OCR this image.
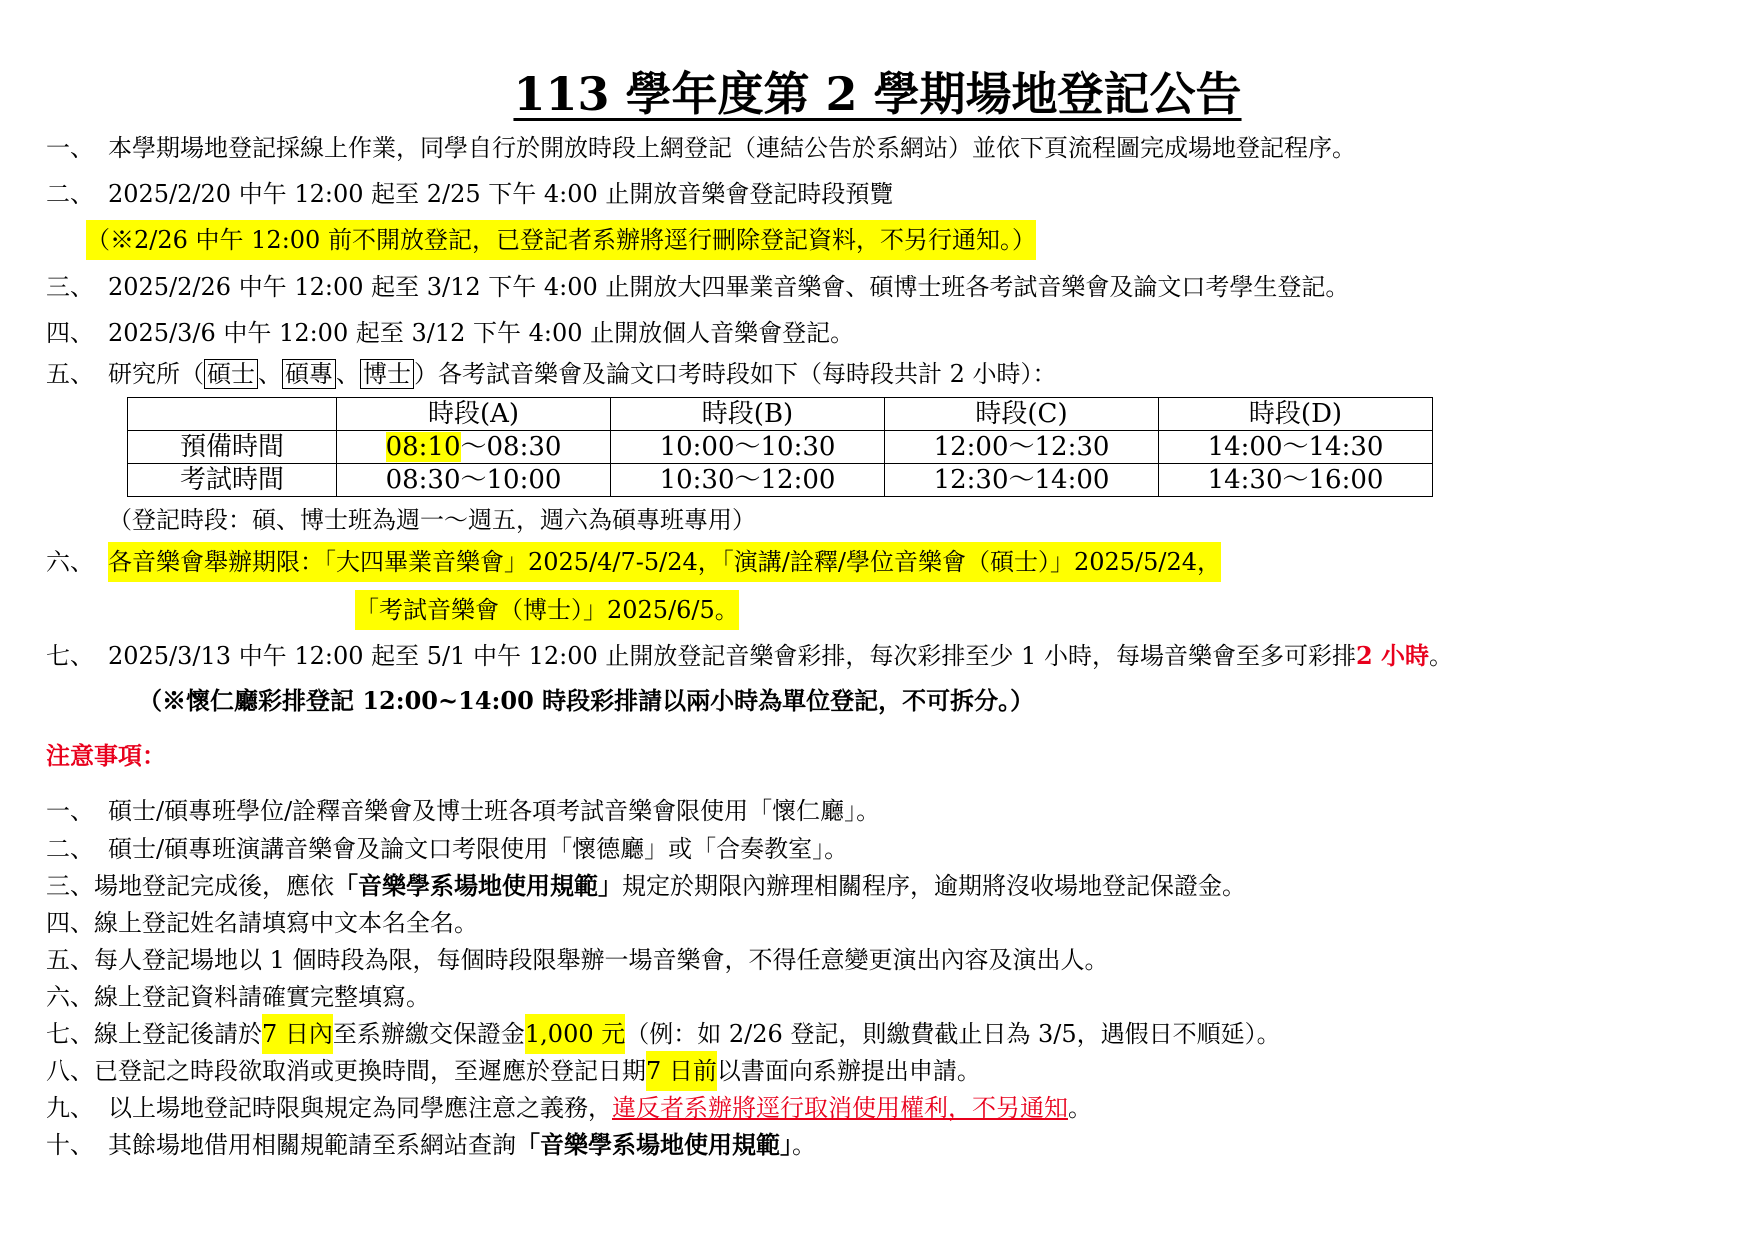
113 學年度第 2 學期場地登記公告
一、 本學期場地登記採線上作業，同學自行於開放時段上網登記（連結公告於系網站）並依下頁流程圖完成場地登記程序。
二、 2025/2/20 中午 12:00 起至 2/25 下午 4:00 止開放音樂會登記時段預覽
（※2/26 中午 12:00 前不開放登記，已登記者系辦將逕行刪除登記資料，不另行通知。）
三、 2025/2/26 中午 12:00 起至 3/12 下午 4:00 止開放大四畢業音樂會、碩博士班各考試音樂會及論文口考學生登記。
四、 2025/3/6 中午 12:00 起至 3/12 下午 4:00 止開放個人音樂會登記。
五、 研究所（ 碩士 、 碩專 、 博士 ）各考試音樂會及論文口考時段如下（每時段共計 2 小時）：
	時段(A)	時段(B)	時段(C)	時段(D)
預備時間	08:10～08:30	10:00～10:30	12:00～12:30	14:00～14:30
考試時間	08:30～10:00	10:30～12:00	12:30～14:00	14:30～16:00
（登記時段：碩、博士班為週一～週五，週六為碩專班專用）
六、 各音樂會舉辦期限：「大四畢業音樂會」2025/4/7-5/24，「演講/詮釋/學位音樂會（碩士）」2025/5/24，
「考試音樂會（博士）」2025/6/5。
七、 2025/3/13 中午 12:00 起至 5/1 中午 12:00 止開放登記音樂會彩排，每次彩排至少 1 小時，每場音樂會至多可彩排2 小時。
（※懷仁廳彩排登記 12:00~14:00 時段彩排請以兩小時為單位登記，不可拆分。）
注意事項：
一、 碩士/碩專班學位/詮釋音樂會及博士班各項考試音樂會限使用「懷仁廳」。
二、 碩士/碩專班演講音樂會及論文口考限使用「懷德廳」或「合奏教室」。
三、場地登記完成後，應依「音樂學系場地使用規範」規定於期限內辦理相關程序，逾期將沒收場地登記保證金。
四、線上登記姓名請填寫中文本名全名。
五、每人登記場地以 1 個時段為限，每個時段限舉辦一場音樂會，不得任意變更演出內容及演出人。
六、線上登記資料請確實完整填寫。
七、線上登記後請於7 日內至系辦繳交保證金1,000 元（例：如 2/26 登記，則繳費截止日為 3/5，遇假日不順延）。
八、已登記之時段欲取消或更換時間，至遲應於登記日期7 日前以書面向系辦提出申請。
九、 以上場地登記時限與規定為同學應注意之義務，違反者系辦將逕行取消使用權利，不另通知。
十、 其餘場地借用相關規範請至系網站查詢「音樂學系場地使用規範」。
